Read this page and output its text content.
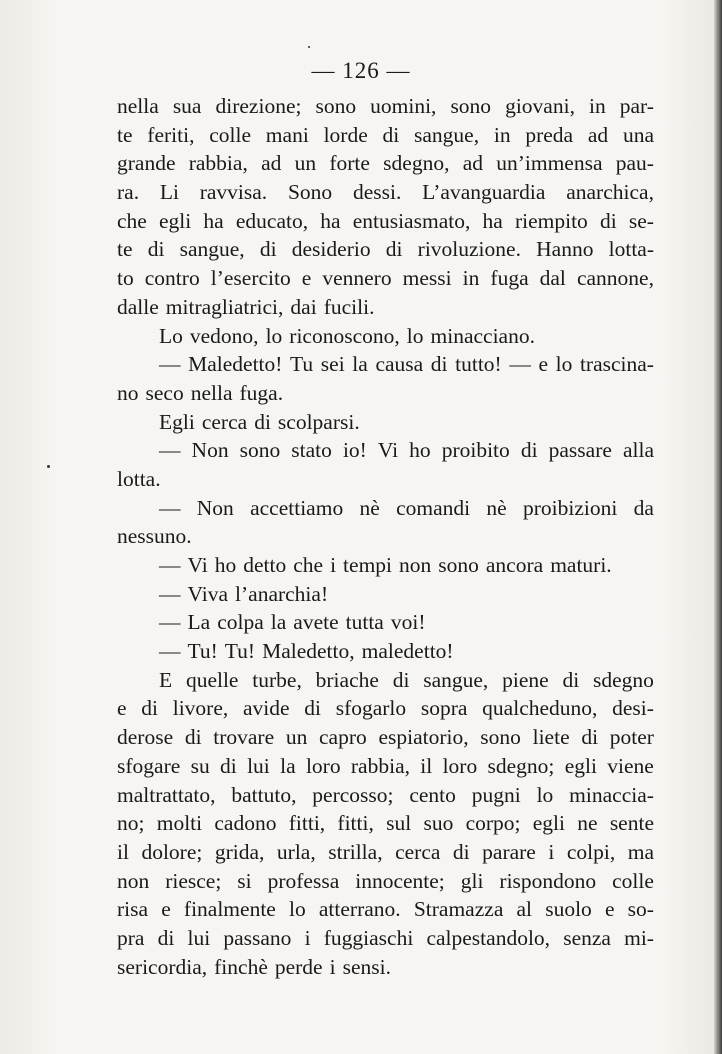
— 126 —
nella sua direzione; sono uomini, sono giovani, in par-
te feriti, colle mani lorde di sangue, in preda ad una
grande rabbia, ad un forte sdegno, ad un’immensa pau-
ra. Li ravvisa. Sono dessi. L’avanguardia anarchica,
che egli ha educato, ha entusiasmato, ha riempito di se-
te di sangue, di desiderio di rivoluzione. Hanno lotta-
to contro l’esercito e vennero messi in fuga dal cannone,
dalle mitragliatrici, dai fucili.
Lo vedono, lo riconoscono, lo minacciano.
— Maledetto! Tu sei la causa di tutto! — e lo trascina-
no seco nella fuga.
Egli cerca di scolparsi.
— Non sono stato io! Vi ho proibito di passare alla
lotta.
— Non accettiamo nè comandi nè proibizioni da
nessuno.
— Vi ho detto che i tempi non sono ancora maturi.
— Viva l’anarchia!
— La colpa la avete tutta voi!
— Tu! Tu! Maledetto, maledetto!
E quelle turbe, briache di sangue, piene di sdegno
e di livore, avide di sfogarlo sopra qualcheduno, desi-
derose di trovare un capro espiatorio, sono liete di poter
sfogare su di lui la loro rabbia, il loro sdegno; egli viene
maltrattato, battuto, percosso; cento pugni lo minaccia-
no; molti cadono fitti, fitti, sul suo corpo; egli ne sente
il dolore; grida, urla, strilla, cerca di parare i colpi, ma
non riesce; si professa innocente; gli rispondono colle
risa e finalmente lo atterrano. Stramazza al suolo e so-
pra di lui passano i fuggiaschi calpestandolo, senza mi-
sericordia, finchè perde i sensi.
